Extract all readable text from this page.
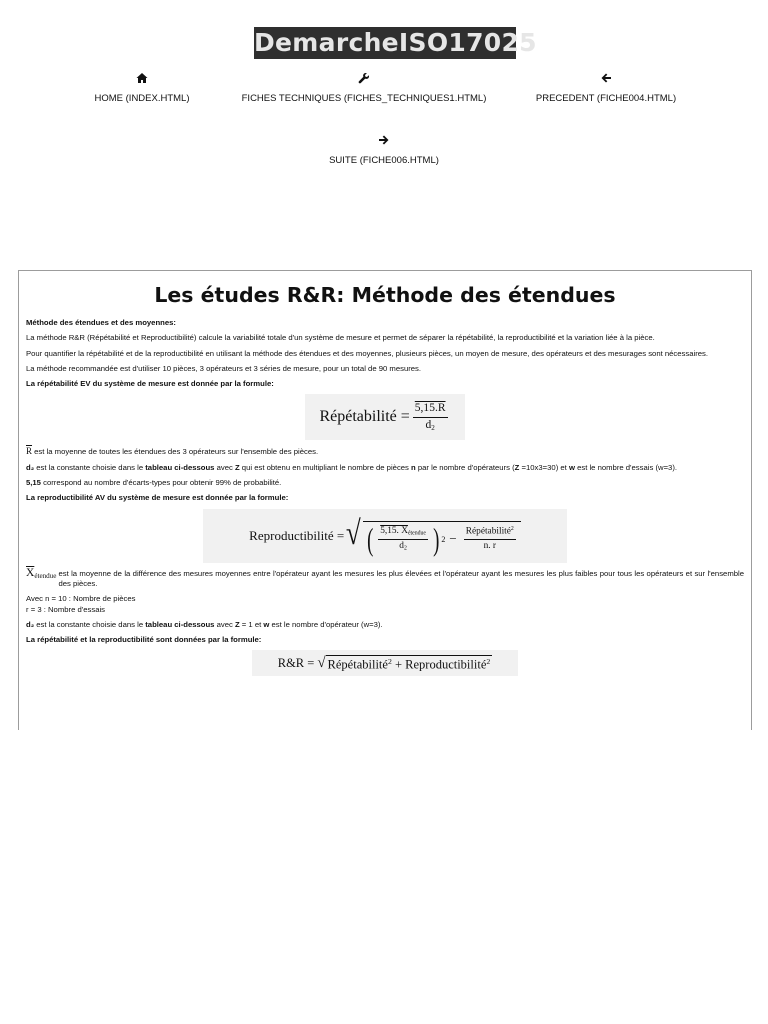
DemarcheISO17025
HOME (INDEX.HTML)	FICHES TECHNIQUES (FICHES_TECHNIQUES1.HTML)	PRECEDENT (FICHE004.HTML)
SUITE (FICHE006.HTML)
Les études R&R: Méthode des étendues

Méthode des étendues et des moyennes:

La méthode R&R (Répétabilité et Reproductibilité) calcule la variabilité totale d'un système de mesure et permet de séparer la répétabilité, la reproductibilité et la variation liée à la pièce.

Pour quantifier la répétabilité et de la reproductibilité en utilisant la méthode des étendues et des moyennes, plusieurs pièces, un moyen de mesure, des opérateurs et des mesurages sont nécessaires.

La méthode recommandée est d'utiliser 10 pièces, 3 opérateurs et 3 séries de mesure, pour un total de 90 mesures.

La répétabilité EV du système de mesure est donnée par la formule:

Répétabilité = $\frac{5,15.R}{d_2}$

$\overline{R}$ est la moyenne de toutes les étendues des 3 opérateurs sur l'ensemble des pièces.

d₂ est la constante choisie dans le tableau ci-dessous avec Z qui est obtenu en multipliant le nombre de pièces n par le nombre d'opérateurs (Z =10x3=30) et w est le nombre d'essais (w=3).

5,15 correspond au nombre d'écarts-types pour obtenir 99% de probabilité.

La reproductibilité AV du système de mesure est donnée par la formule:

Reproductibilité = √ ( $\frac{5,15. X_{étendue}}{d_2}$ ) $2 - \frac{Répétabilité^2}{n. r}$

$\overline{X}_{étendue}$ est la moyenne de la différence des mesures moyennes entre l'opérateur ayant les mesures les plus élevées et l'opérateur ayant les mesures les plus faibles pour tous les opérateurs et sur l'ensemble des pièces.

Avec n = 10 : Nombre de pièces

r = 3 : Nombre d'essais

d₂ est la constante choisie dans le tableau ci-dessous avec Z = 1 et w est le nombre d'opérateur (w=3).

La répétabilité et la reproductibilité sont données par la formule:

R&R = √ Répétabilité$^2$ + Reproductibilité$^2$
